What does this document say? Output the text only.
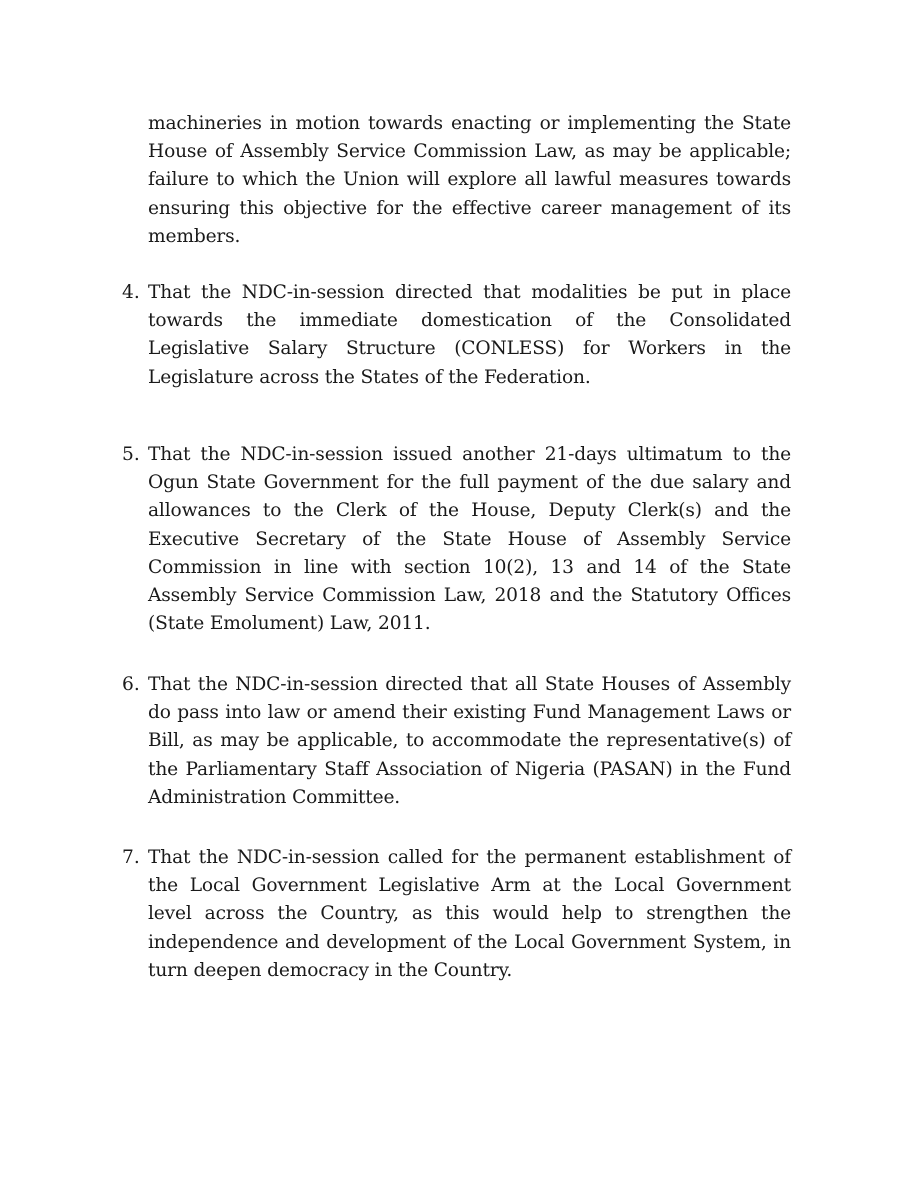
machineries in motion towards enacting or implementing the State House of Assembly Service Commission Law, as may be applicable; failure to which the Union will explore all lawful measures towards ensuring this objective for the effective career management of its members.

4. That the NDC-in-session directed that modalities be put in place towards the immediate domestication of the Consolidated Legislative Salary Structure (CONLESS) for Workers in the Legislature across the States of the Federation.

5. That the NDC-in-session issued another 21-days ultimatum to the Ogun State Government for the full payment of the due salary and allowances to the Clerk of the House, Deputy Clerk(s) and the Executive Secretary of the State House of Assembly Service Commission in line with section 10(2), 13 and 14 of the State Assembly Service Commission Law, 2018 and the Statutory Offices (State Emolument) Law, 2011.

6. That the NDC-in-session directed that all State Houses of Assembly do pass into law or amend their existing Fund Management Laws or Bill, as may be applicable, to accommodate the representative(s) of the Parliamentary Staff Association of Nigeria (PASAN) in the Fund Administration Committee.

7. That the NDC-in-session called for the permanent establishment of the Local Government Legislative Arm at the Local Government level across the Country, as this would help to strengthen the independence and development of the Local Government System, in turn deepen democracy in the Country.
